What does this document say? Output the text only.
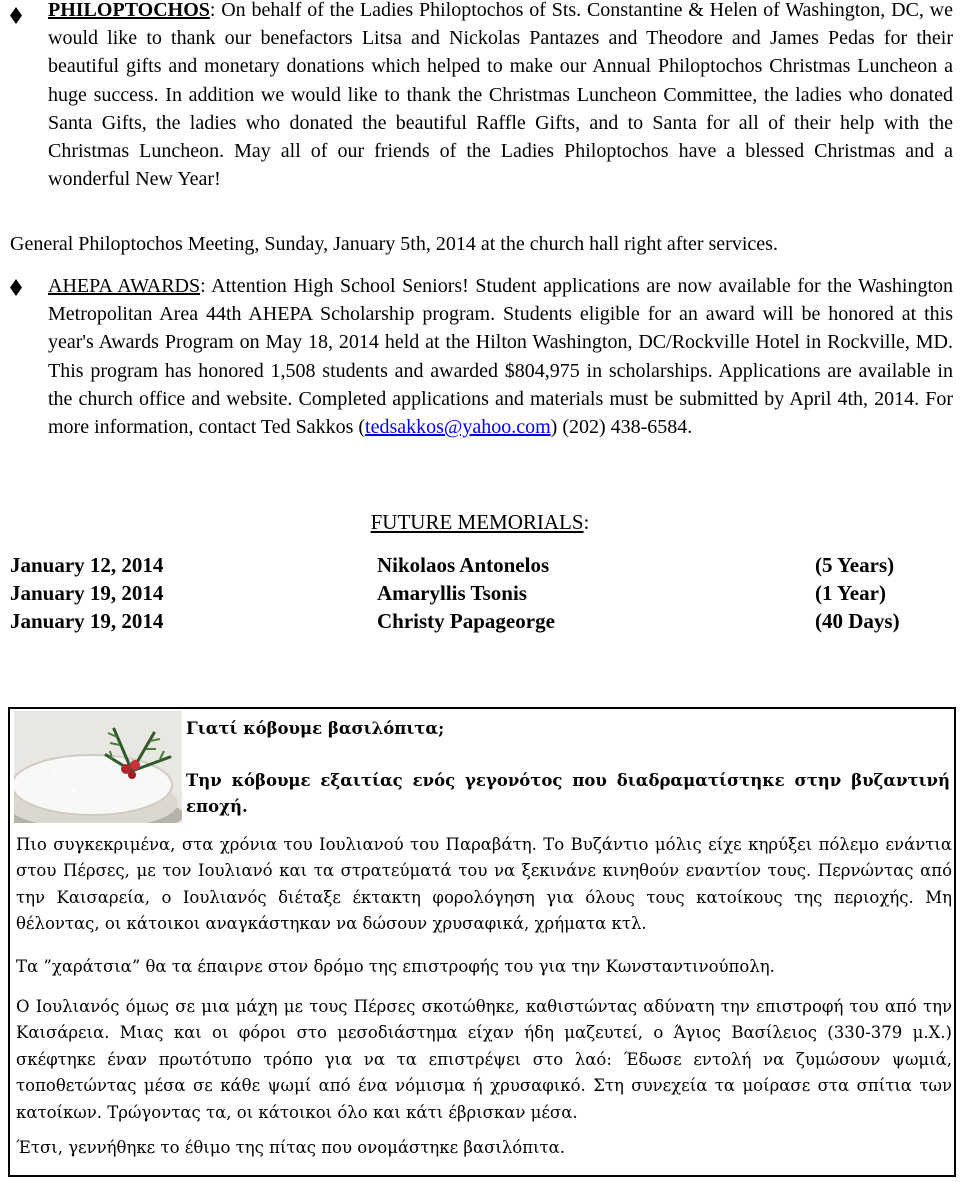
PHILOPTOCHOS: On behalf of the Ladies Philoptochos of Sts. Constantine & Helen of Washington, DC, we would like to thank our benefactors Litsa and Nickolas Pantazes and Theodore and James Pedas for their beautiful gifts and monetary donations which helped to make our Annual Philoptochos Christmas Luncheon a huge success. In addition we would like to thank the Christmas Luncheon Committee, the ladies who donated Santa Gifts, the ladies who donated the beautiful Raffle Gifts, and to Santa for all of their help with the Christmas Luncheon. May all of our friends of the Ladies Philoptochos have a blessed Christmas and a wonderful New Year!
General Philoptochos Meeting, Sunday, January 5th, 2014 at the church hall right after services.
AHEPA AWARDS: Attention High School Seniors! Student applications are now available for the Washington Metropolitan Area 44th AHEPA Scholarship program. Students eligible for an award will be honored at this year's Awards Program on May 18, 2014 held at the Hilton Washington, DC/Rockville Hotel in Rockville, MD. This program has honored 1,508 students and awarded $804,975 in scholarships. Applications are available in the church office and website. Completed applications and materials must be submitted by April 4th, 2014. For more information, contact Ted Sakkos (tedsakkos@yahoo.com) (202) 438-6584.
FUTURE MEMORIALS:
January 12, 2014	Nikolaos Antonelos	(5 Years)
January 19, 2014	Amaryllis Tsonis	(1 Year)
January 19, 2014	Christy Papageorge	(40 Days)
Γιατί κόβουμε βασιλόπιτα;
Την κόβουμε εξαιτίας ενός γεγονότος που διαδραματίστηκε στην βυζαντινή εποχή.
Πιο συγκεκριμένα, στα χρόνια του Ιουλιανού του Παραβάτη. Το Βυζάντιο μόλις είχε κηρύξει πόλεμο ενάντια στου Πέρσες, με τον Ιουλιανό και τα στρατεύματά του να ξεκινάνε κινηθούν εναντίον τους. Περνώντας από την Καισαρεία, ο Ιουλιανός διέταξε έκτακτη φορολόγηση για όλους τους κατοίκους της περιοχής. Μη θέλοντας, οι κάτοικοι αναγκάστηκαν να δώσουν χρυσαφικά, χρήματα κτλ.
Τα ”χαράτσια” θα τα έπαιρνε στον δρόμο της επιστροφής του για την Κωνσταντινούπολη.
Ο Ιουλιανός όμως σε μια μάχη με τους Πέρσες σκοτώθηκε, καθιστώντας αδύνατη την επιστροφή του από την Καισάρεια. Μιας και οι φόροι στο μεσοδιάστημα είχαν ήδη μαζευτεί, ο Άγιος Βασίλειος (330-379 μ.Χ.) σκέφτηκε έναν πρωτότυπο τρόπο για να τα επιστρέψει στο λαό: Έδωσε εντολή να ζυμώσουν ψωμιά, τοποθετώντας μέσα σε κάθε ψωμί από ένα νόμισμα ή χρυσαφικό. Στη συνεχεία τα μοίρασε στα σπίτια των κατοίκων. Τρώγοντας τα, οι κάτοικοι όλο και κάτι έβρισκαν μέσα.
Έτσι, γεννήθηκε το έθιμο της πίτας που ονομάστηκε βασιλόπιτα.
